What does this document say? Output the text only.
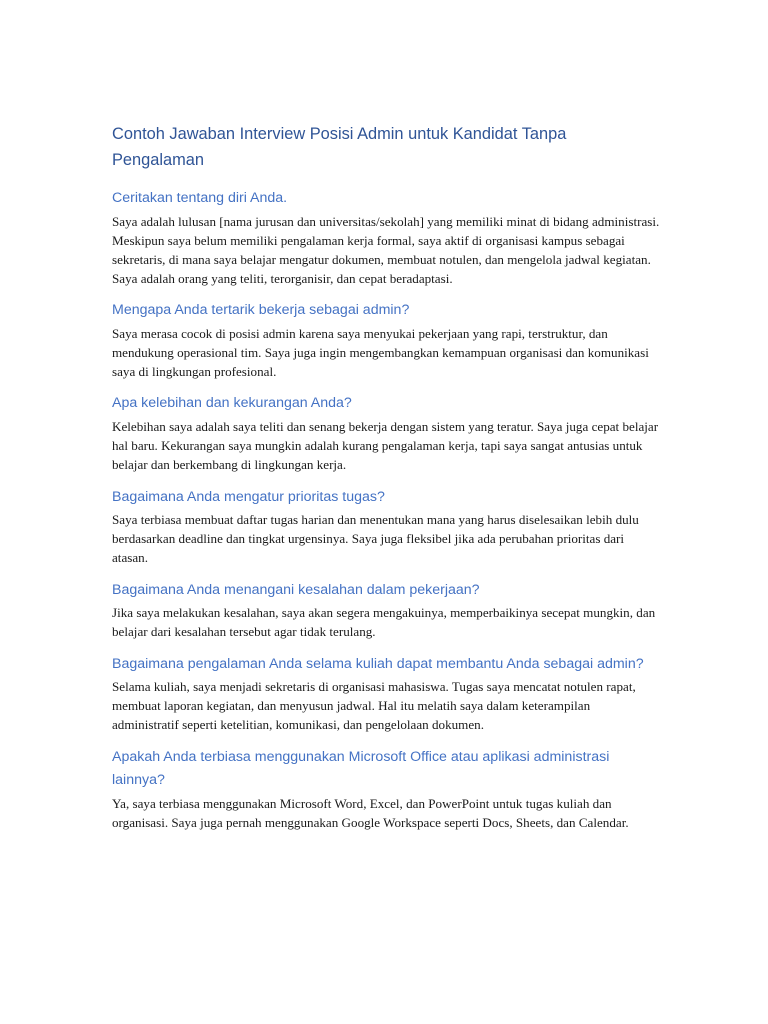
Contoh Jawaban Interview Posisi Admin untuk Kandidat Tanpa Pengalaman
Ceritakan tentang diri Anda.

Saya adalah lulusan [nama jurusan dan universitas/sekolah] yang memiliki minat di bidang administrasi. Meskipun saya belum memiliki pengalaman kerja formal, saya aktif di organisasi kampus sebagai sekretaris, di mana saya belajar mengatur dokumen, membuat notulen, dan mengelola jadwal kegiatan. Saya adalah orang yang teliti, terorganisir, dan cepat beradaptasi.

Mengapa Anda tertarik bekerja sebagai admin?

Saya merasa cocok di posisi admin karena saya menyukai pekerjaan yang rapi, terstruktur, dan mendukung operasional tim. Saya juga ingin mengembangkan kemampuan organisasi dan komunikasi saya di lingkungan profesional.

Apa kelebihan dan kekurangan Anda?

Kelebihan saya adalah saya teliti dan senang bekerja dengan sistem yang teratur. Saya juga cepat belajar hal baru. Kekurangan saya mungkin adalah kurang pengalaman kerja, tapi saya sangat antusias untuk belajar dan berkembang di lingkungan kerja.

Bagaimana Anda mengatur prioritas tugas?

Saya terbiasa membuat daftar tugas harian dan menentukan mana yang harus diselesaikan lebih dulu berdasarkan deadline dan tingkat urgensinya. Saya juga fleksibel jika ada perubahan prioritas dari atasan.

Bagaimana Anda menangani kesalahan dalam pekerjaan?

Jika saya melakukan kesalahan, saya akan segera mengakuinya, memperbaikinya secepat mungkin, dan belajar dari kesalahan tersebut agar tidak terulang.

Bagaimana pengalaman Anda selama kuliah dapat membantu Anda sebagai admin?

Selama kuliah, saya menjadi sekretaris di organisasi mahasiswa. Tugas saya mencatat notulen rapat, membuat laporan kegiatan, dan menyusun jadwal. Hal itu melatih saya dalam keterampilan administratif seperti ketelitian, komunikasi, dan pengelolaan dokumen.

Apakah Anda terbiasa menggunakan Microsoft Office atau aplikasi administrasi lainnya?

Ya, saya terbiasa menggunakan Microsoft Word, Excel, dan PowerPoint untuk tugas kuliah dan organisasi. Saya juga pernah menggunakan Google Workspace seperti Docs, Sheets, dan Calendar.
